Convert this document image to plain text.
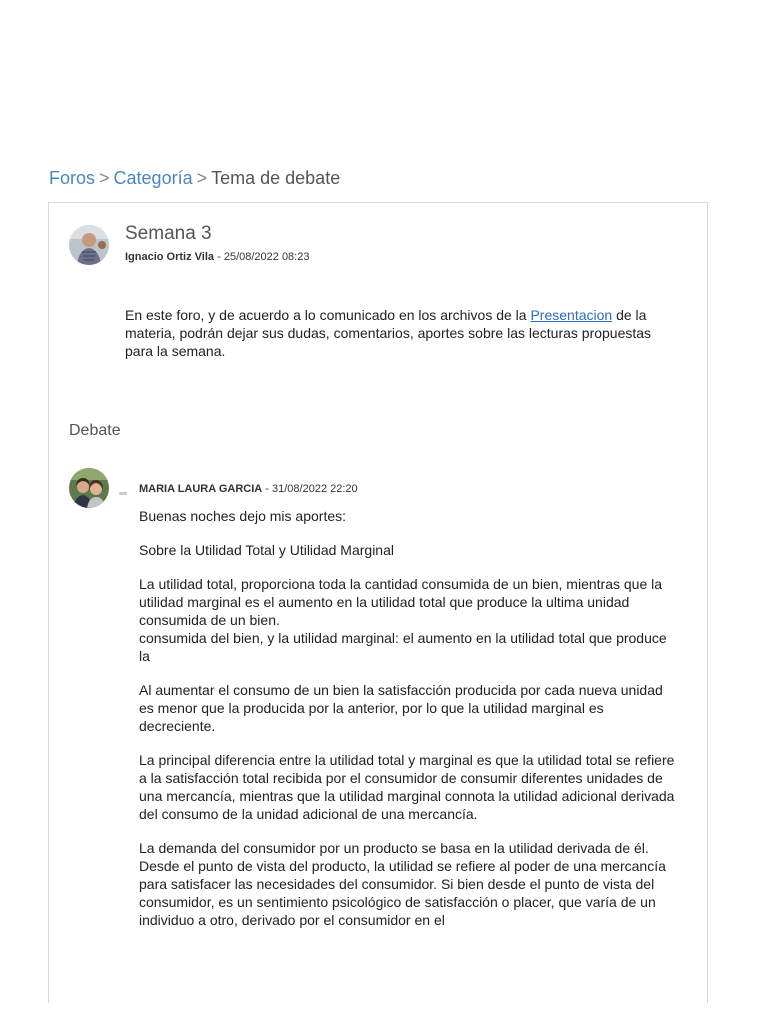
Foros > Categoría > Tema de debate
Semana 3
Ignacio Ortiz Vila - 25/08/2022 08:23
En este foro, y de acuerdo a lo comunicado en los archivos de la Presentacion de la materia, podrán dejar sus dudas, comentarios, aportes sobre las lecturas propuestas para la semana.
Debate
MARIA LAURA GARCIA - 31/08/2022 22:20

Buenas noches dejo mis aportes:

Sobre la Utilidad Total y Utilidad Marginal

La utilidad total, proporciona toda la cantidad consumida de un bien, mientras que la utilidad marginal es el aumento en la utilidad total que produce la ultima unidad consumida de un bien.

consumida del bien, y la utilidad marginal: el aumento en la utilidad total que produce la

Al aumentar el consumo de un bien la satisfacción producida por cada nueva unidad es menor que la producida por la anterior, por lo que la utilidad marginal es decreciente.

La principal diferencia entre la utilidad total y marginal es que la utilidad total se refiere a la satisfacción total recibida por el consumidor de consumir diferentes unidades de una mercancía, mientras que la utilidad marginal connota la utilidad adicional derivada del consumo de la unidad adicional de una mercancía.

La demanda del consumidor por un producto se basa en la utilidad derivada de él. Desde el punto de vista del producto, la utilidad se refiere al poder de una mercancía para satisfacer las necesidades del consumidor. Si bien desde el punto de vista del consumidor, es un sentimiento psicológico de satisfacción o placer, que varía de un individuo a otro, derivado por el consumidor en el
